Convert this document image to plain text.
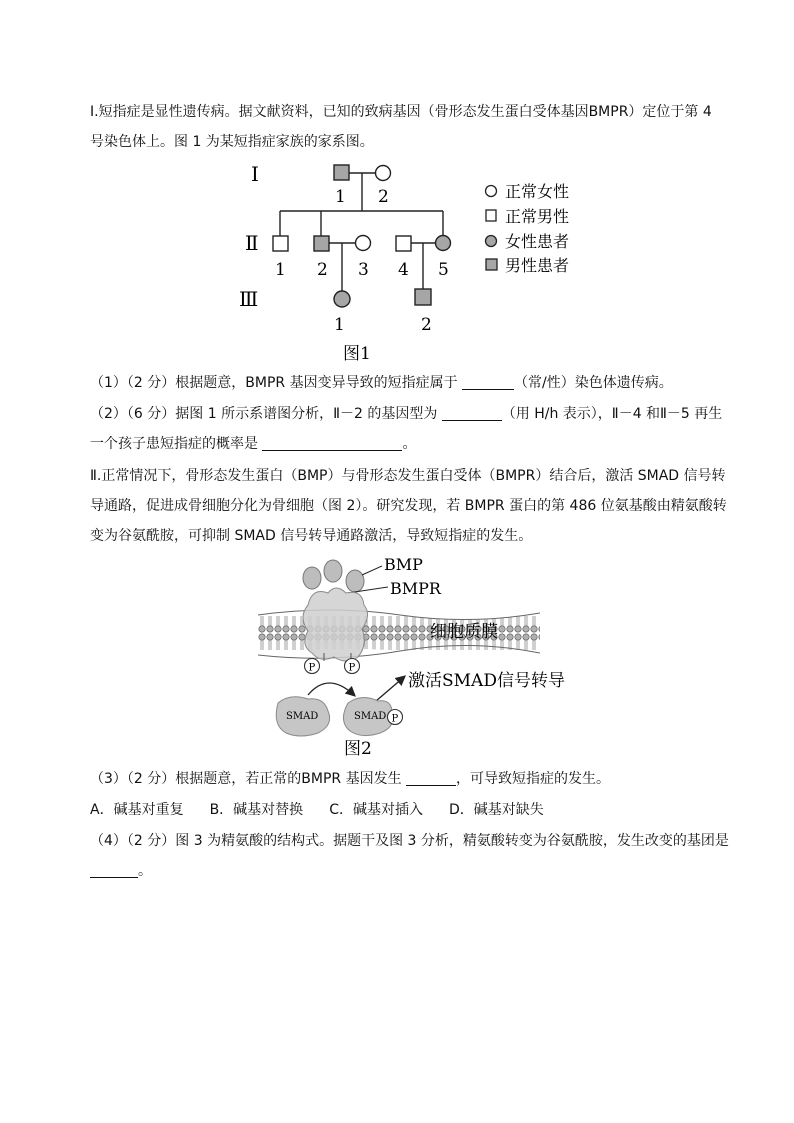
Ⅰ.短指症是显性遗传病。据文献资料，已知的致病基因（骨形态发生蛋白受体基因BMPR）定位于第 4 号染色体上。图 1 为某短指症家族的家系图。

Ⅰ
Ⅱ
Ⅲ
1 2
1 2 3 4 5
1	2
图1
正常女性
正常男性
女性患者
男性患者

（1）（2 分）根据题意，BMPR 基因变异导致的短指症属于	（常/性）染色体遗传病。

（2）（6 分）据图 1 所示系谱图分析，Ⅱ－2 的基因型为	（用 H/h 表示），Ⅱ－4 和Ⅱ－5 再生一个孩子患短指症的概率是	。

Ⅱ.正常情况下，骨形态发生蛋白（BMP）与骨形态发生蛋白受体（BMPR）结合后，激活 SMAD 信号转导通路，促进成骨细胞分化为骨细胞（图 2）。研究发现，若 BMPR 蛋白的第 486 位氨基酸由精氨酸转变为谷氨酰胺，可抑制 SMAD 信号转导通路激活，导致短指症的发生。

P	P
SMAD	SMAD P
BMP
BMPR
细胞质膜
激活SMAD信号转导
图2

（3）（2 分）根据题意，若正常的BMPR 基因发生	，可导致短指症的发生。

A．碱基对重复 B．碱基对替换 C．碱基对插入 D．碱基对缺失

（4）（2 分）图 3 为精氨酸的结构式。据题干及图 3 分析，精氨酸转变为谷氨酰胺，发生改变的基团是 。
